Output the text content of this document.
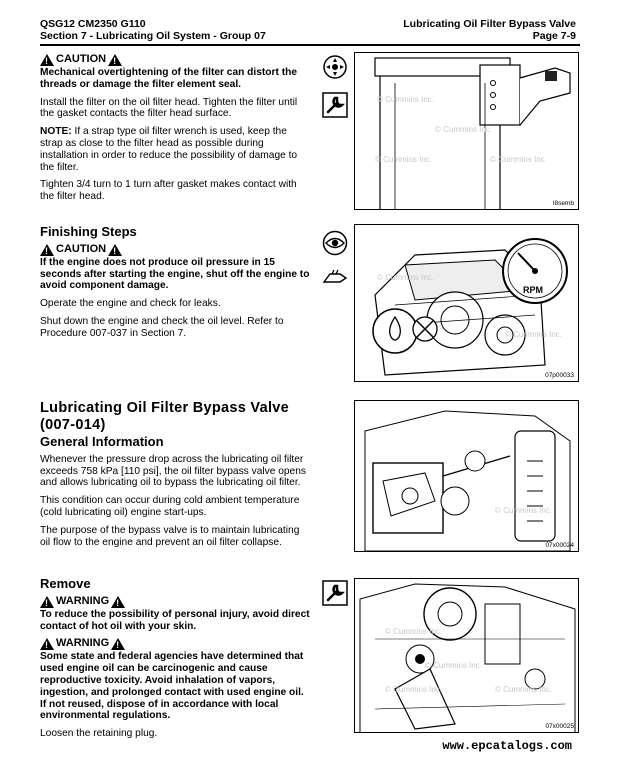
QSG12 CM2350 G110
Section 7 - Lubricating Oil System - Group 07
Lubricating Oil Filter Bypass Valve
Page 7-9
!
CAUTION
!

Mechanical overtightening of the filter can distort the threads or damage the filter element seal.

Install the filter on the oil filter head. Tighten the filter until the gasket contacts the filter head surface.

NOTE: If a strap type oil filter wrench is used, keep the strap as close to the filter head as possible during installation in order to reduce the possibility of damage to the filter.

Tighten 3/4 turn to 1 turn after gasket makes contact with the filter head.

© Cummins Inc.
© Cummins Inc.
© Cummins Inc.	© Cummins Inc.
l8semb
Finishing Steps
!
CAUTION
!

If the engine does not produce oil pressure in 15 seconds after starting the engine, shut off the engine to avoid component damage.

Operate the engine and check for leaks.

Shut down the engine and check the oil level. Refer to Procedure 007-037 in Section 7.

RPM
© Cummins Inc.
© Cummins Inc.
07p00033
Lubricating Oil Filter Bypass Valve (007-014)
General Information

Whenever the pressure drop across the lubricating oil filter exceeds 758 kPa [110 psi], the oil filter bypass valve opens and allows lubricating oil to bypass the lubricating oil filter.

This condition can occur during cold ambient temperature (cold lubricating oil) engine start-ups.

The purpose of the bypass valve is to maintain lubricating oil flow to the engine and prevent an oil filter collapse.

© Cummins Inc.
07x00024
Remove
!
WARNING
!

To reduce the possibility of personal injury, avoid direct contact of hot oil with your skin.

!
WARNING
!

Some state and federal agencies have determined that used engine oil can be carcinogenic and cause reproductive toxicity. Avoid inhalation of vapors, ingestion, and prolonged contact with used engine oil. If not reused, dispose of in accordance with local environmental regulations.

Loosen the retaining plug.

© Cummins Inc.
© Cummins Inc.
© Cummins Inc.	© Cummins Inc.
07x00025
www.epcatalogs.com
